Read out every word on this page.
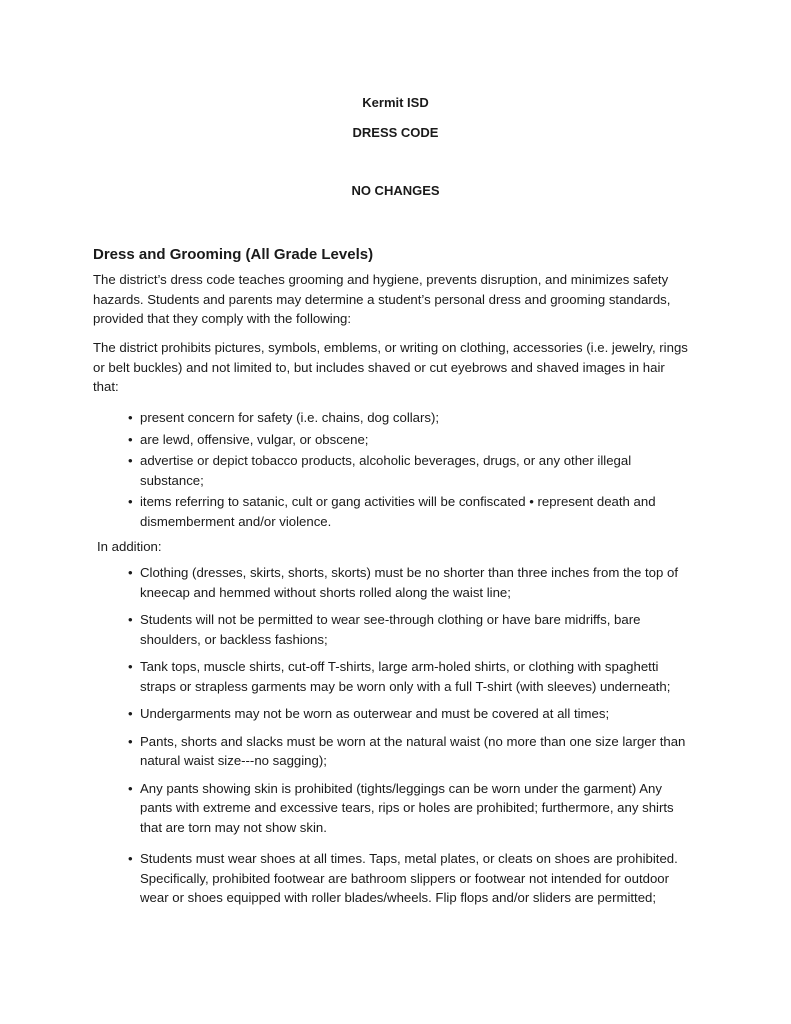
Kermit ISD
DRESS CODE
NO CHANGES
Dress and Grooming (All Grade Levels)

The district’s dress code teaches grooming and hygiene, prevents disruption, and minimizes safety hazards. Students and parents may determine a student’s personal dress and grooming standards, provided that they comply with the following:

The district prohibits pictures, symbols, emblems, or writing on clothing, accessories (i.e. jewelry, rings or belt buckles) and not limited to, but includes shaved or cut eyebrows and shaved images in hair that:

• present concern for safety (i.e. chains, dog collars);
• are lewd, offensive, vulgar, or obscene;
• advertise or depict tobacco products, alcoholic beverages, drugs, or any other illegal substance;
• items referring to satanic, cult or gang activities will be confiscated • represent death and dismemberment and/or violence.

In addition:

• Clothing (dresses, skirts, shorts, skorts) must be no shorter than three inches from the top of kneecap and hemmed without shorts rolled along the waist line;
• Students will not be permitted to wear see-through clothing or have bare midriffs, bare shoulders, or backless fashions;
• Tank tops, muscle shirts, cut-off T-shirts, large arm-holed shirts, or clothing with spaghetti straps or strapless garments may be worn only with a full T-shirt (with sleeves) underneath;
• Undergarments may not be worn as outerwear and must be covered at all times;
• Pants, shorts and slacks must be worn at the natural waist (no more than one size larger than natural waist size---no sagging);
• Any pants showing skin is prohibited (tights/leggings can be worn under the garment) Any pants with extreme and excessive tears, rips or holes are prohibited; furthermore, any shirts that are torn may not show skin.
• Students must wear shoes at all times. Taps, metal plates, or cleats on shoes are prohibited. Specifically, prohibited footwear are bathroom slippers or footwear not intended for outdoor wear or shoes equipped with roller blades/wheels. Flip flops and/or sliders are permitted;
